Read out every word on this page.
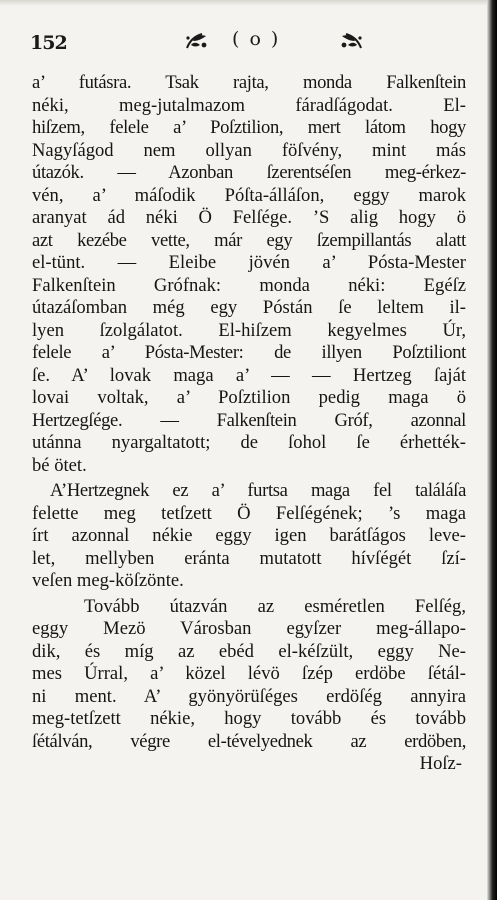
152	( o )
a’ futásra. Tsak rajta, monda Falkenſtein
néki, meg-jutalmazom fáradſágodat. El-
hiſzem, felele a’ Poſztilion, mert látom hogy
Nagyſágod nem ollyan föſvény, mint más
útazók. — Azonban ſzerentséſen meg-érkez-
vén, a’ máſodik Póſta-álláſon, eggy marok
aranyat ád néki Ö Felſége. ’S alig hogy ö
azt kezébe vette, már egy ſzempillantás alatt
el-tünt. — Eleibe jövén a’ Pósta-Mester
Falkenſtein Grófnak: monda néki: Egéſz
útazáſomban még egy Póstán ſe leltem il-
lyen ſzolgálatot. El-hiſzem kegyelmes Úr,
felele a’ Pósta-Mester: de illyen Poſztiliont
ſe. A’ lovak maga a’ — — Hertzeg ſaját
lovai voltak, a’ Poſztilion pedig maga ö
Hertzegſége. — Falkenſtein Gróf, azonnal
utánna nyargaltatott; de ſohol ſe érhették-
bé ötet.
A’Hertzegnek ez a’ furtsa maga fel találáſa
felette meg tetſzett Ö Felſégének; ’s maga
írt azonnal nékie eggy igen barátſágos leve-
let, mellyben eránta mutatott hívſégét ſzí-
veſen meg-köſzönte.
Tovább útazván az esméretlen Felſég,
eggy Mezö Városban egyſzer meg-állapo-
dik, és míg az ebéd el-kéſzült, eggy Ne-
mes Úrral, a’ közel lévö ſzép erdöbe ſétál-
ni ment. A’ gyönyörüſéges erdöſég annyira
meg-tetſzett nékie, hogy tovább és tovább
ſétálván, végre el-tévelyednek az erdöben,
Hoſz-
